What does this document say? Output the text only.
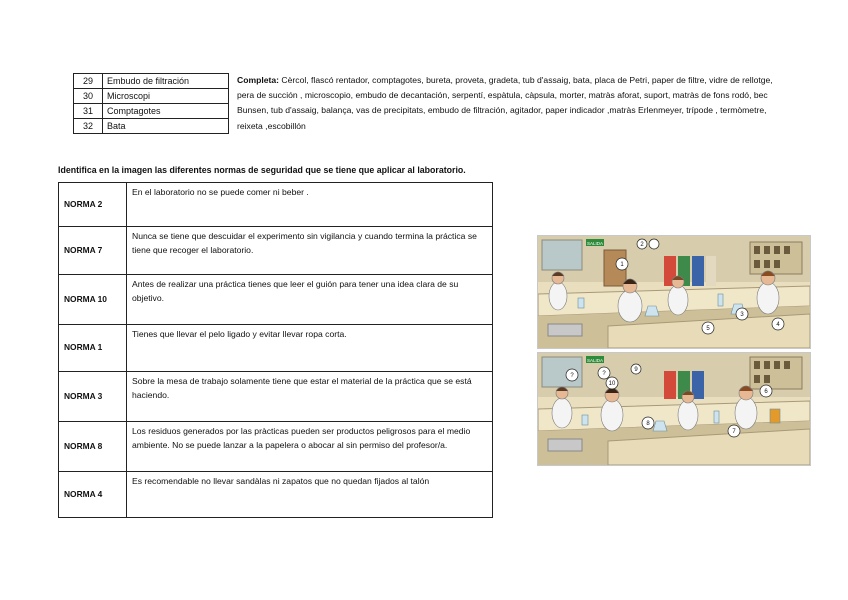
29	Embudo de filtración
30	Microscopi
31	Comptagotes
32	Bata
Completa: Cèrcol, flascó rentador, comptagotes, bureta, proveta, gradeta, tub d'assaig, bata, placa de Petri, paper de filtre, vidre de rellotge, pera de succión , microscopio, embudo de decantación, serpentí, espàtula, càpsula, morter, matràs aforat, suport, matràs de fons rodó, bec Bunsen, tub d'assaig, balança, vas de precipitats, embudo de filtración, agitador, paper indicador ,matràs Erlenmeyer, trípode , termòmetre, reixeta ,escobillón
Identifica en la imagen las diferentes normas de seguridad que se tiene que aplicar al laboratorio.
NORMA 2	En el laboratorio no se puede comer ni beber .
NORMA 7	Nunca se tiene que descuidar el experimento sin vigilancia y cuando termina la práctica se tiene que recoger el laboratorio.
NORMA 10	Antes de realizar una práctica tienes que leer el guión para tener una idea clara de su objetivo.
NORMA 1	Tienes que llevar el pelo ligado y evitar llevar ropa corta.
NORMA 3	Sobre la mesa de trabajo solamente tiene que estar el material de la práctica que se está haciendo.
NORMA 8	Los residuos generados por las pràcticas pueden ser productos peligrosos para el medio ambiente. No se puede lanzar a la papelera o abocar al sin permiso del profesor/a.
NORMA 4	Es recomendable no llevar sandàlas ni zapatos que no quedan fijados al talón
SALIDA
1
2
3
4
5
SALIDA
?	?
6
7
8
9
10
